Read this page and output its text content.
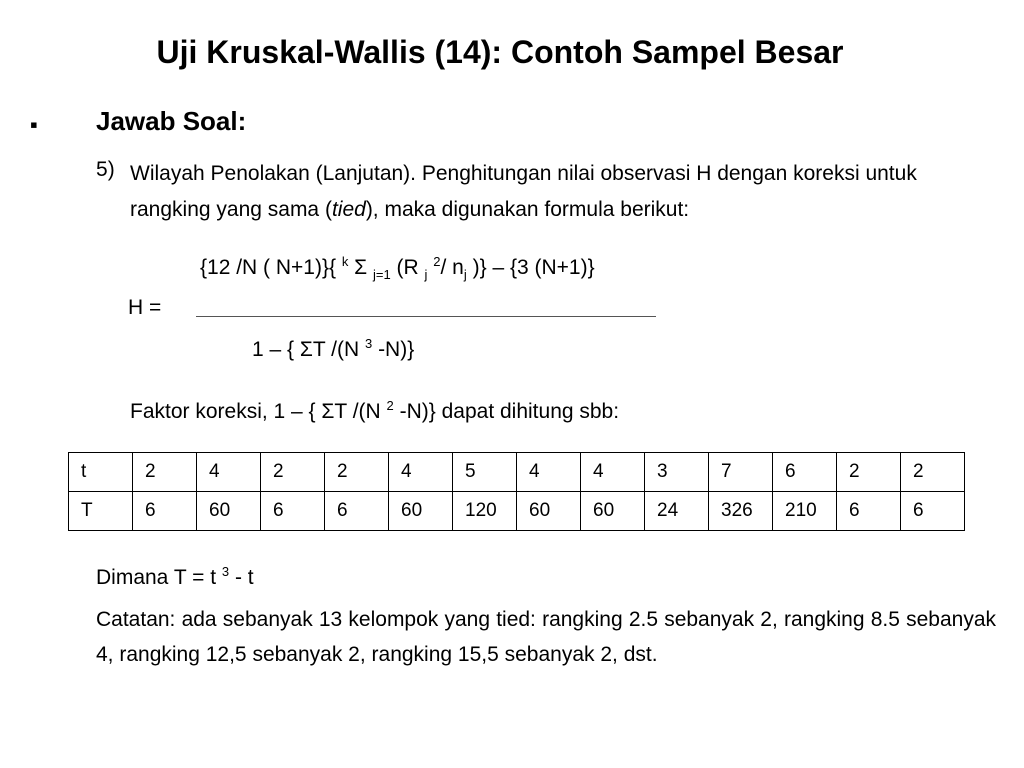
Uji Kruskal-Wallis (14): Contoh Sampel Besar
▪ Jawab Soal:
5) Wilayah Penolakan (Lanjutan). Penghitungan nilai observasi H dengan koreksi untuk rangking yang sama (tied), maka digunakan formula berikut:
{12 /N ( N+1)}{ $^k$ Σ $_{j=1}$ (R $_j$ $^2$/ $n_j$ )} – {3 (N+1)}
H =
1 – { ΣT /(N $^3$ -N)}
Faktor koreksi, 1 – { ΣT /(N $^2$ -N)} dapat dihitung sbb:
t	2	4	2	2	4	5	4	4	3	7	6	2	2
T	6	60	6	6	60	120	60	60	24	326	210	6	6
Dimana T = t $^3$ - t
Catatan: ada sebanyak 13 kelompok yang tied: rangking 2.5 sebanyak 2, rangking 8.5 sebanyak 4, rangking 12,5 sebanyak 2, rangking 15,5 sebanyak 2, dst.
